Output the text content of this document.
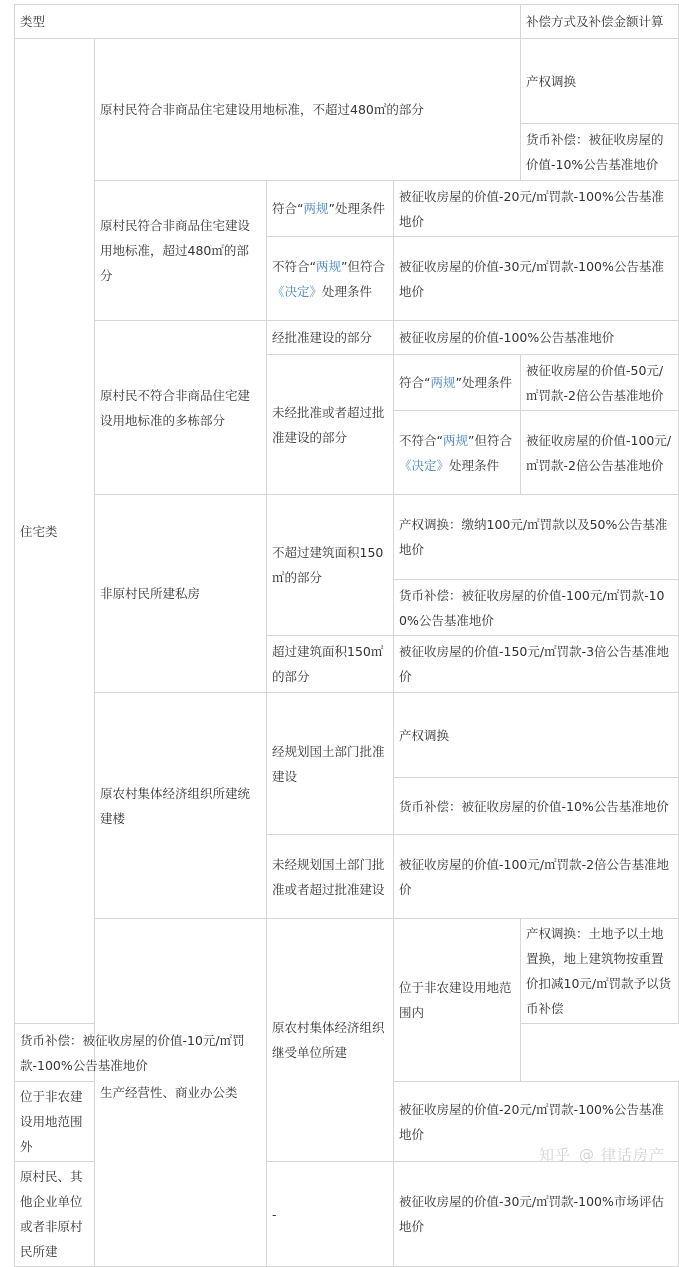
类型				补偿方式及补偿金额计算
住宅类	原村民符合非商品住宅建设用地标准，不超过480㎡的部分			产权调换
				货币补偿：被征收房屋的价值-10%公告基准地价
	原村民符合非商品住宅建设用地标准，超过480㎡的部分	符合“两规”处理条件	被征收房屋的价值-20元/㎡罚款-100%公告基准地价	
		不符合“两规”但符合《决定》处理条件	被征收房屋的价值-30元/㎡罚款-100%公告基准地价	
	原村民不符合非商品住宅建设用地标准的多栋部分	经批准建设的部分	被征收房屋的价值-100%公告基准地价	
		未经批准或者超过批准建设的部分	符合“两规”处理条件	被征收房屋的价值-50元/㎡罚款-2倍公告基准地价
			不符合“两规”但符合《决定》处理条件	被征收房屋的价值-100元/㎡罚款-2倍公告基准地价
	非原村民所建私房	不超过建筑面积150㎡的部分	产权调换：缴纳100元/㎡罚款以及50%公告基准地价	
			货币补偿：被征收房屋的价值-100元/㎡罚款-100%公告基准地价	
		超过建筑面积150㎡的部分	被征收房屋的价值-150元/㎡罚款-3倍公告基准地价	
	原农村集体经济组织所建统建楼	经规划国土部门批准建设	产权调换	
			货币补偿：被征收房屋的价值-10%公告基准地价	
		未经规划国土部门批准或者超过批准建设	被征收房屋的价值-100元/㎡罚款-2倍公告基准地价	
	生产经营性、商业办公类	原农村集体经济组织继受单位所建	位于非农建设用地范围内	产权调换：土地予以土地置换，地上建筑物按重置价扣减10元/㎡罚款予以货币补偿
货币补偿：被征收房屋的价值-10元/㎡罚款-100%公告基准地价				
位于非农建设用地范围外			被征收房屋的价值-20元/㎡罚款-100%公告基准地价	
原村民、其他企业单位或者非原村民所建		-	被征收房屋的价值-30元/㎡罚款-100%市场评估地价	
知乎 @ 律话房产
